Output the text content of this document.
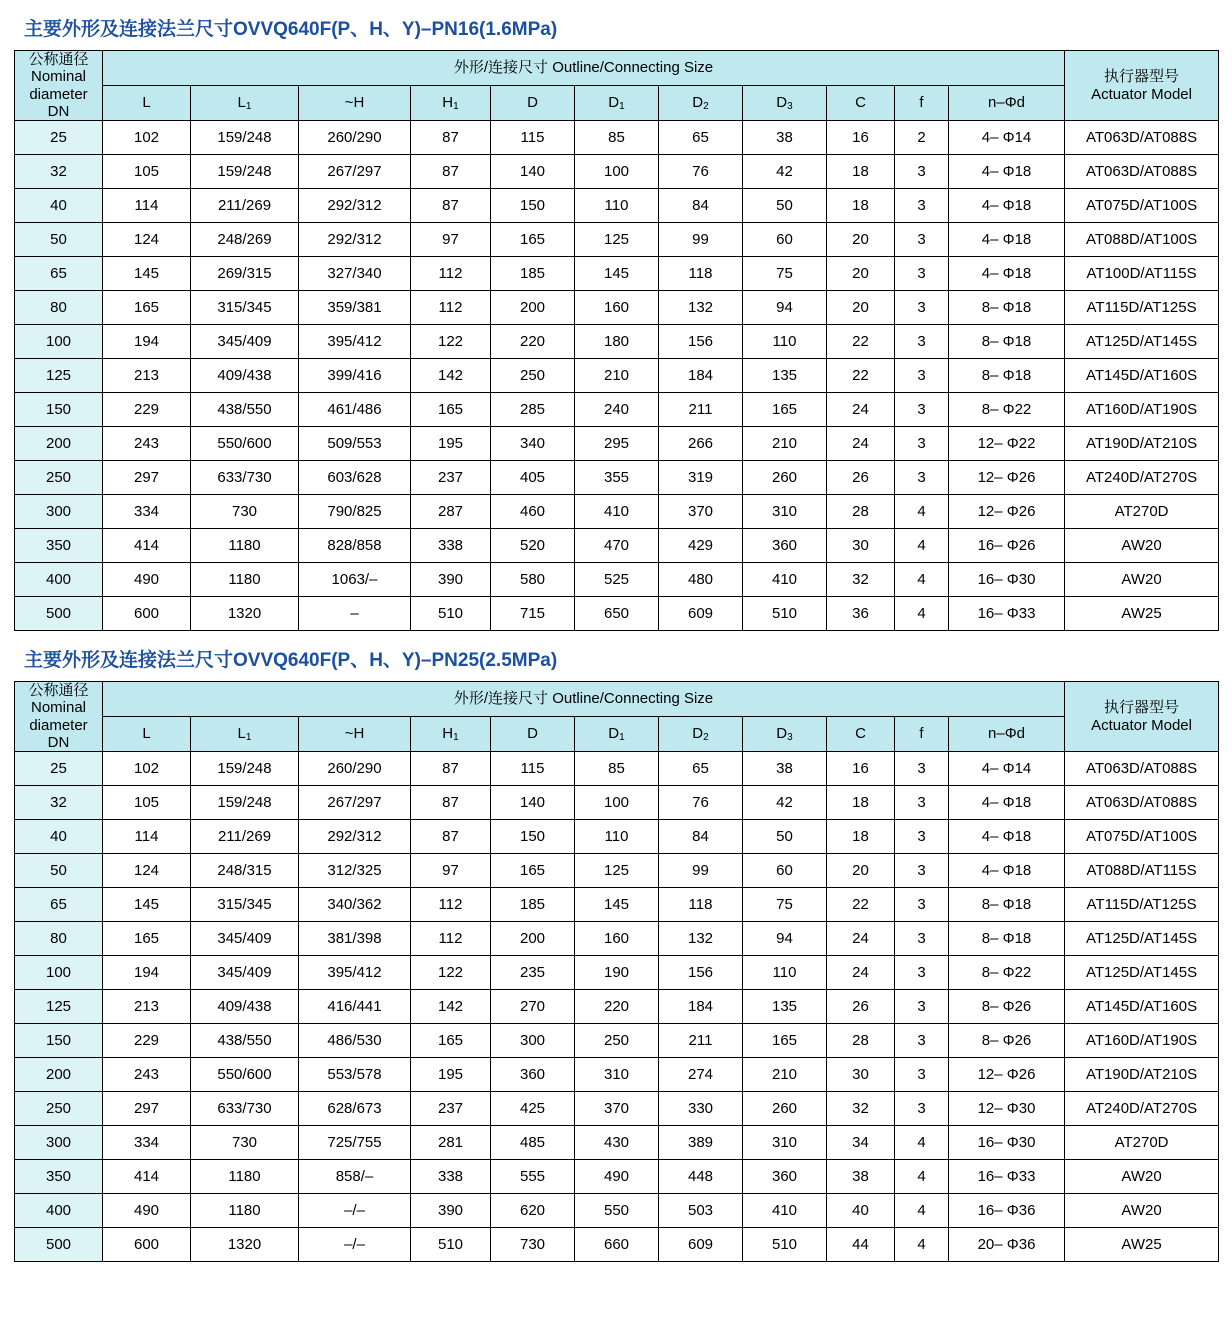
主要外形及连接法兰尺寸OVVQ640F(P、H、Y)–PN16(1.6MPa)
公称通径
Nominal
diameter
DN
	外形/连接尺寸 Outline/Connecting Size	
执行器型号
Actuator Model

	L	$L_1$	~H	$H_1$	D	$D_1$	$D_2$	$D_3$	C	f	n–Φd	
25	102	159/248	260/290	87	115	85	65	38	16	2	4– Φ14	AT063D/AT088S
32	105	159/248	267/297	87	140	100	76	42	18	3	4– Φ18	AT063D/AT088S
40	114	211/269	292/312	87	150	110	84	50	18	3	4– Φ18	AT075D/AT100S
50	124	248/269	292/312	97	165	125	99	60	20	3	4– Φ18	AT088D/AT100S
65	145	269/315	327/340	112	185	145	118	75	20	3	4– Φ18	AT100D/AT115S
80	165	315/345	359/381	112	200	160	132	94	20	3	8– Φ18	AT115D/AT125S
100	194	345/409	395/412	122	220	180	156	110	22	3	8– Φ18	AT125D/AT145S
125	213	409/438	399/416	142	250	210	184	135	22	3	8– Φ18	AT145D/AT160S
150	229	438/550	461/486	165	285	240	211	165	24	3	8– Φ22	AT160D/AT190S
200	243	550/600	509/553	195	340	295	266	210	24	3	12– Φ22	AT190D/AT210S
250	297	633/730	603/628	237	405	355	319	260	26	3	12– Φ26	AT240D/AT270S
300	334	730	790/825	287	460	410	370	310	28	4	12– Φ26	AT270D
350	414	1180	828/858	338	520	470	429	360	30	4	16– Φ26	AW20
400	490	1180	1063/–	390	580	525	480	410	32	4	16– Φ30	AW20
500	600	1320	–	510	715	650	609	510	36	4	16– Φ33	AW25
主要外形及连接法兰尺寸OVVQ640F(P、H、Y)–PN25(2.5MPa)
公称通径
Nominal
diameter
DN
	外形/连接尺寸 Outline/Connecting Size	
执行器型号
Actuator Model

	L	$L_1$	~H	$H_1$	D	$D_1$	$D_2$	$D_3$	C	f	n–Φd	
25	102	159/248	260/290	87	115	85	65	38	16	3	4– Φ14	AT063D/AT088S
32	105	159/248	267/297	87	140	100	76	42	18	3	4– Φ18	AT063D/AT088S
40	114	211/269	292/312	87	150	110	84	50	18	3	4– Φ18	AT075D/AT100S
50	124	248/315	312/325	97	165	125	99	60	20	3	4– Φ18	AT088D/AT115S
65	145	315/345	340/362	112	185	145	118	75	22	3	8– Φ18	AT115D/AT125S
80	165	345/409	381/398	112	200	160	132	94	24	3	8– Φ18	AT125D/AT145S
100	194	345/409	395/412	122	235	190	156	110	24	3	8– Φ22	AT125D/AT145S
125	213	409/438	416/441	142	270	220	184	135	26	3	8– Φ26	AT145D/AT160S
150	229	438/550	486/530	165	300	250	211	165	28	3	8– Φ26	AT160D/AT190S
200	243	550/600	553/578	195	360	310	274	210	30	3	12– Φ26	AT190D/AT210S
250	297	633/730	628/673	237	425	370	330	260	32	3	12– Φ30	AT240D/AT270S
300	334	730	725/755	281	485	430	389	310	34	4	16– Φ30	AT270D
350	414	1180	858/–	338	555	490	448	360	38	4	16– Φ33	AW20
400	490	1180	–/–	390	620	550	503	410	40	4	16– Φ36	AW20
500	600	1320	–/–	510	730	660	609	510	44	4	20– Φ36	AW25
